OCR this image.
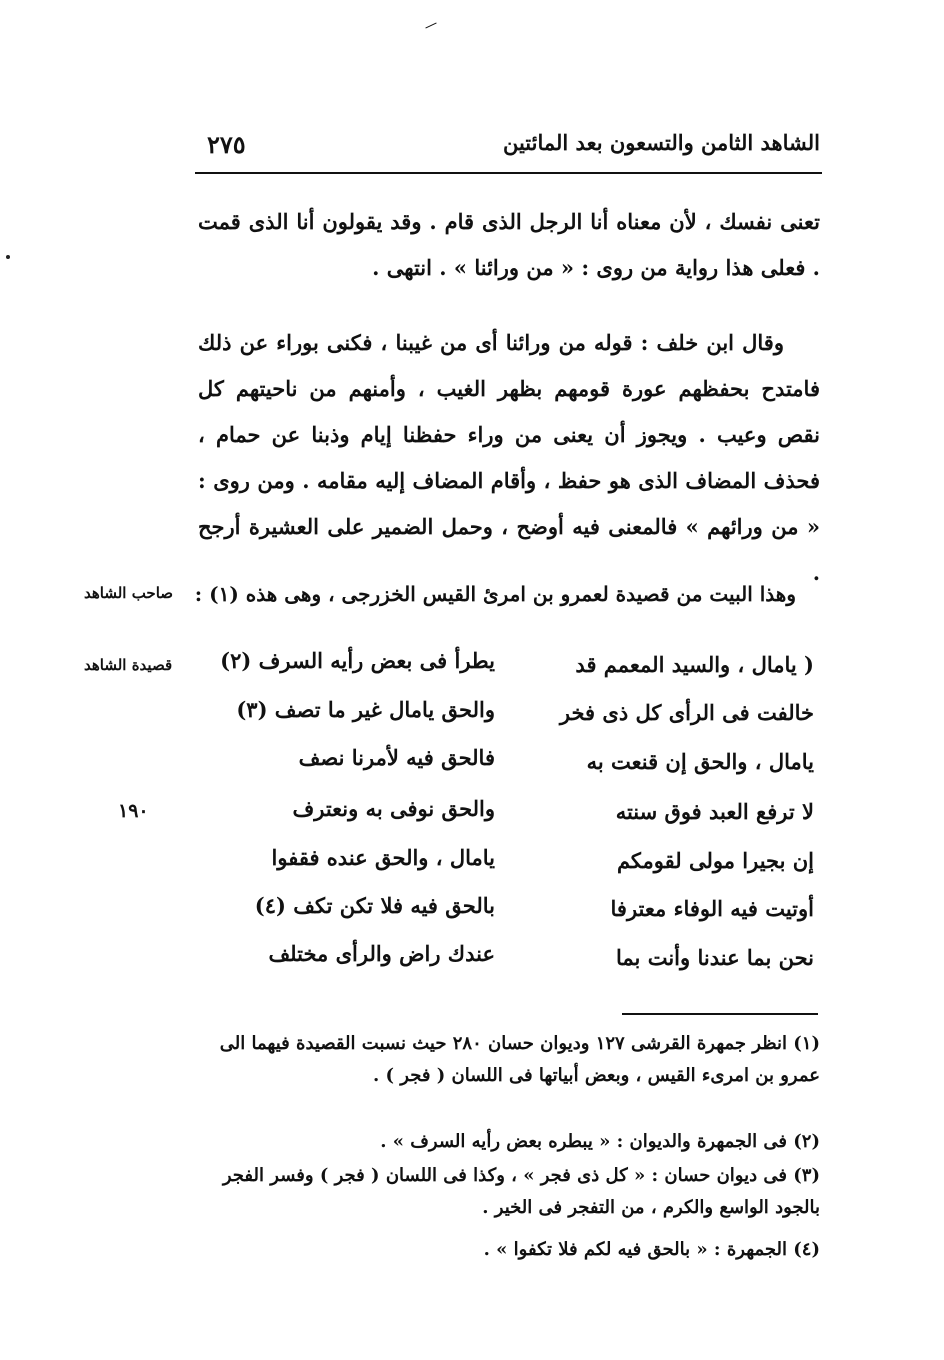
الشاهد الثامن والتسعون بعد المائتين
٢٧٥
تعنى نفسك ، لأن معناه أنا الرجل الذى قام . وقد يقولون أنا الذى قمت . فعلى هذا رواية من روى : « من ورائنا » . انتهى .
وقال ابن خلف : قوله من ورائنا أى من غيبنا ، فكنى بوراء عن ذلك فامتدح بحفظهم عورة قومهم بظهر الغيب ، وأمنهم من ناحيتهم كل نقص وعيب . ويجوز أن يعنى من وراء حفظنا إيام وذبنا عن حمام ، فحذف المضاف الذى هو حفظ ، وأقام المضاف إليه مقامه . ومن روى : « من ورائهم » فالمعنى فيه أوضح ، وحمل الضمير على العشيرة أرجح .
وهذا البيت من قصيدة لعمرو بن امرئ القيس الخزرجى ، وهى هذه (١) :
صاحب الشاهد
قصيدة الشاهد
١٩٠
( يامال ، والسيد المعمم قد
يطرأ فى بعض رأيه السرف (٢)
خالفت فى الرأى كل ذى فخر
والحق يامال غير ما تصف (٣)
يامال ، والحق إن قنعت به
فالحق فيه لأمرنا نصف
لا ترفع العبد فوق سنته
والحق نوفى به ونعترف
إن بجيرا مولى لقومكم
يامال ، والحق عنده فقفوا
أوتيت فيه الوفاء معترفا
بالحق فيه فلا تكن تكف (٤)
نحن بما عندنا وأنت بما
عندك راض والرأى مختلف
(١) انظر جمهرة القرشى ١٢٧ وديوان حسان ٢٨٠ حيث نسبت القصيدة فيهما الى عمرو بن امرىء القيس ، وبعض أبياتها فى اللسان ( فجر ) .
(٢) فى الجمهرة والديوان : « يبطره بعض رأيه السرف » .
(٣) فى ديوان حسان : « كل ذى فجر » ، وكذا فى اللسان ( فجر ) وفسر الفجر بالجود الواسع والكرم ، من التفجر فى الخير .
(٤) الجمهرة : « بالحق فيه لكم فلا تكفوا » .
